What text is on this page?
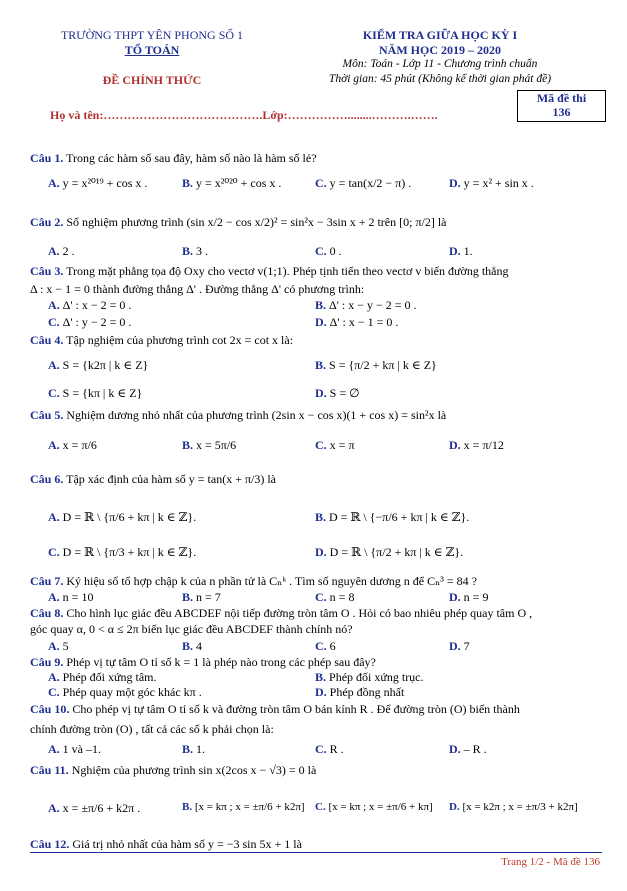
TRƯỜNG THPT YÊN PHONG SỐ 1
TỔ TOÁN
ĐỀ CHÍNH THỨC
KIỂM TRA GIỮA HỌC KỲ I
NĂM HỌC 2019 – 2020
Môn: Toán - Lớp 11 - Chương trình chuẩn
Thời gian: 45 phút (Không kể thời gian phát đề)
Mã đề thi
136
Họ và tên:………………………………….Lớp:……………........……….…….
Câu 1. Trong các hàm số sau đây, hàm số nào là hàm số lẻ?
A. y = x²⁰¹⁹ + cos x .	B. y = x²⁰²⁰ + cos x .	C. y = tan(x/2 − π) .	D. y = x² + sin x .
Câu 2. Số nghiệm phương trình (sin x/2 − cos x/2)² = sin²x − 3sin x + 2 trên [0; π/2] là
A. 2 .	B. 3 .	C. 0 .	D. 1.
Câu 3. Trong mặt phẳng tọa độ Oxy cho vectơ v(1;1). Phép tịnh tiến theo vectơ v biến đường thẳng
Δ : x − 1 = 0 thành đường thẳng Δ' . Đường thẳng Δ' có phương trình:
A. Δ' : x − 2 = 0 .	B. Δ' : x − y − 2 = 0 .
C. Δ' : y − 2 = 0 .	D. Δ' : x − 1 = 0 .
Câu 4. Tập nghiệm của phương trình cot 2x = cot x là:
A. S = {k2π | k ∈ Z}	B. S = {π/2 + kπ | k ∈ Z}
C. S = {kπ | k ∈ Z}	D. S = ∅
Câu 5. Nghiệm dương nhỏ nhất của phương trình (2sin x − cos x)(1 + cos x) = sin²x là
A. x = π/6	B. x = 5π/6	C. x = π	D. x = π/12
Câu 6. Tập xác định của hàm số y = tan(x + π/3) là
A. D = ℝ \ {π/6 + kπ | k ∈ ℤ}.	B. D = ℝ \ {−π/6 + kπ | k ∈ ℤ}.
C. D = ℝ \ {π/3 + kπ | k ∈ ℤ}.	D. D = ℝ \ {π/2 + kπ | k ∈ ℤ}.
Câu 7. Ký hiệu số tổ hợp chập k của n phần tử là Cₙᵏ . Tìm số nguyên dương n để Cₙ³ = 84 ?
A. n = 10	B. n = 7	C. n = 8	D. n = 9
Câu 8. Cho hình lục giác đều ABCDEF nội tiếp đường tròn tâm O . Hỏi có bao nhiêu phép quay tâm O ,
góc quay α, 0 < α ≤ 2π biến lục giác đều ABCDEF thành chính nó?
A. 5	B. 4	C. 6	D. 7
Câu 9. Phép vị tự tâm O tỉ số k = 1 là phép nào trong các phép sau đây?
A. Phép đối xứng tâm.	B. Phép đối xứng trục.
C. Phép quay một góc khác kπ .	D. Phép đồng nhất
Câu 10. Cho phép vị tự tâm O tỉ số k và đường tròn tâm O bán kính R . Để đường tròn (O) biến thành
chính đường tròn (O) , tất cả các số k phải chọn là:
A. 1 và –1.	B. 1.	C. R .	D. – R .
Câu 11. Nghiệm của phương trình sin x(2cos x − √3) = 0 là
A. x = ±π/6 + k2π .	B. [x = kπ ; x = ±π/6 + k2π] C. [x = kπ ; x = ±π/6 + kπ] D. [x = k2π ; x = ±π/3 + k2π]
Câu 12. Giá trị nhỏ nhất của hàm số y = −3 sin 5x + 1 là
Trang 1/2 - Mã đề 136
